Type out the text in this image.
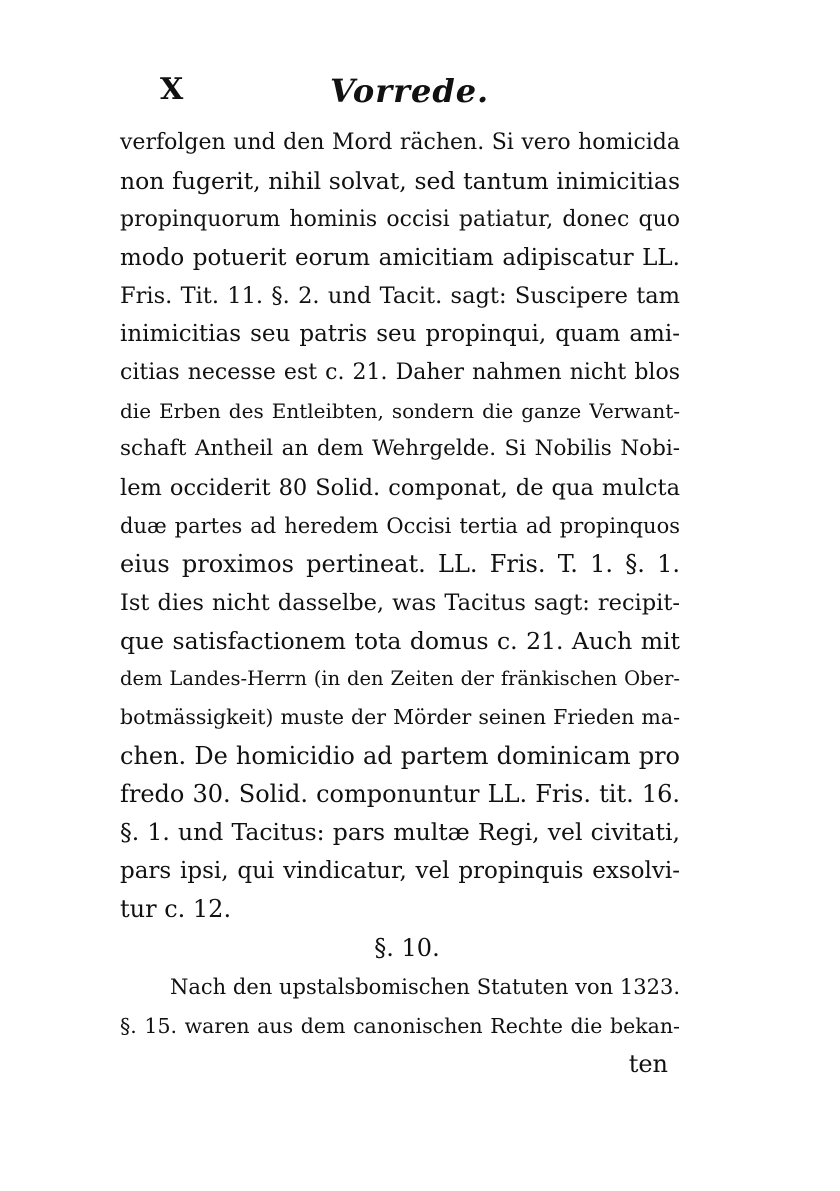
X	Vorrede.
verfolgen und den Mord rächen. Si vero homicida
non fugerit, nihil solvat, sed tantum inimicitias
propinquorum hominis occisi patiatur, donec quo
modo potuerit eorum amicitiam adipiscatur LL.
Fris. Tit. 11. §. 2. und Tacit. sagt: Suscipere tam
inimicitias seu patris seu propinqui, quam ami-
citias necesse est c. 21. Daher nahmen nicht blos
die Erben des Entleibten, sondern die ganze Verwant-
schaft Antheil an dem Wehrgelde. Si Nobilis Nobi-
lem occiderit 80 Solid. componat, de qua mulcta
duæ partes ad heredem Occisi tertia ad propinquos
eius proximos pertineat. LL. Fris. T. 1. §. 1.
Ist dies nicht dasselbe, was Tacitus sagt: recipit-
que satisfactionem tota domus c. 21. Auch mit
dem Landes-Herrn (in den Zeiten der fränkischen Ober-
botmässigkeit) muste der Mörder seinen Frieden ma-
chen. De homicidio ad partem dominicam pro
fredo 30. Solid. componuntur LL. Fris. tit. 16.
§. 1. und Tacitus: pars multæ Regi, vel civitati,
pars ipsi, qui vindicatur, vel propinquis exsolvi-
tur c. 12.
§. 10.
Nach den upstalsbomischen Statuten von 1323.
§. 15. waren aus dem canonischen Rechte die bekan-
ten
